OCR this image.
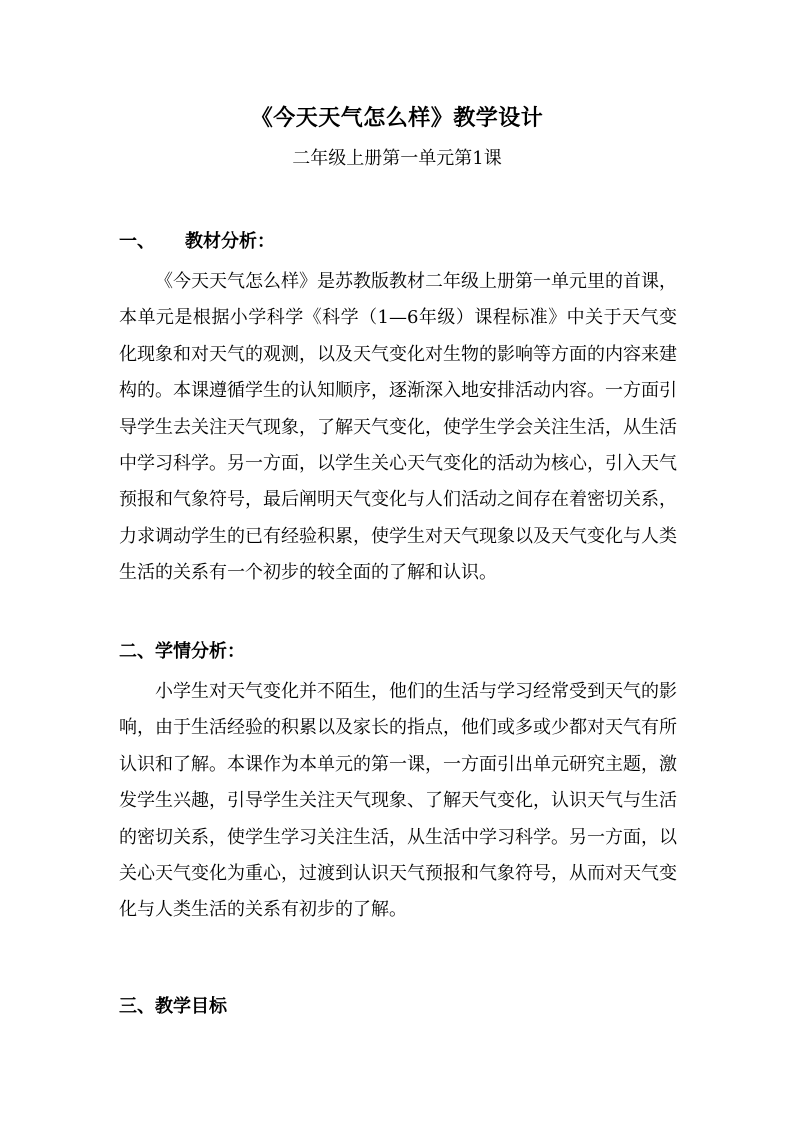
《今天天气怎么样》教学设计
二年级上册第一单元第1课
一、 教材分析：
《今天天气怎么样》是苏教版教材二年级上册第一单元里的首课，本单元是根据小学科学《科学（1—6年级）课程标准》中关于天气变化现象和对天气的观测，以及天气变化对生物的影响等方面的内容来建构的。本课遵循学生的认知顺序，逐渐深入地安排活动内容。一方面引导学生去关注天气现象，了解天气变化，使学生学会关注生活，从生活中学习科学。另一方面，以学生关心天气变化的活动为核心，引入天气预报和气象符号，最后阐明天气变化与人们活动之间存在着密切关系，力求调动学生的已有经验积累，使学生对天气现象以及天气变化与人类生活的关系有一个初步的较全面的了解和认识。
二、学情分析：
小学生对天气变化并不陌生，他们的生活与学习经常受到天气的影响，由于生活经验的积累以及家长的指点，他们或多或少都对天气有所认识和了解。本课作为本单元的第一课，一方面引出单元研究主题，激发学生兴趣，引导学生关注天气现象、了解天气变化，认识天气与生活的密切关系，使学生学习关注生活，从生活中学习科学。另一方面，以关心天气变化为重心，过渡到认识天气预报和气象符号，从而对天气变化与人类生活的关系有初步的了解。
三、教学目标
